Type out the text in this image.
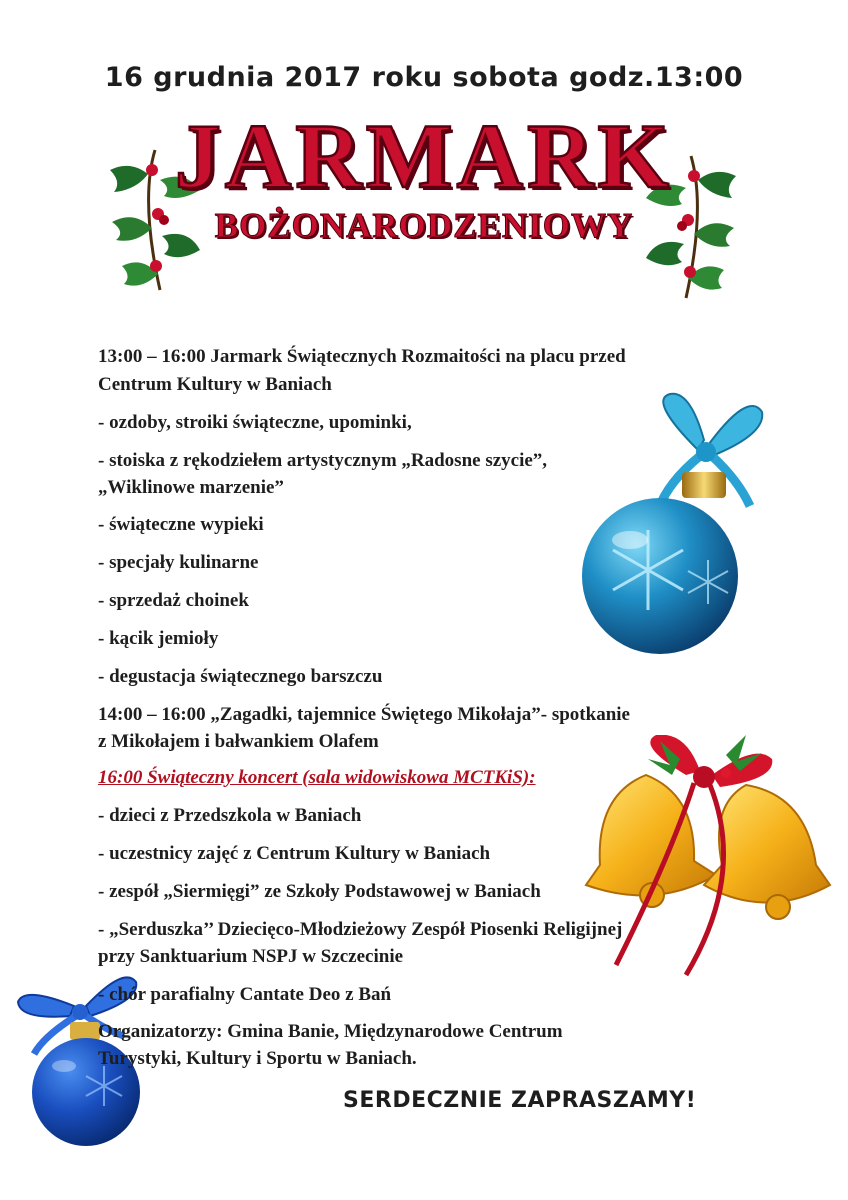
16 grudnia 2017 roku sobota godz.13:00
JARMARK
BOŻONARODZENIOWY
13:00 – 16:00 Jarmark Świątecznych Rozmaitości na placu przed
Centrum Kultury w Baniach
- ozdoby, stroiki świąteczne, upominki,
- stoiska z rękodziełem artystycznym „Radosne szycie”,
„Wiklinowe marzenie”
- świąteczne wypieki
- specjały kulinarne
- sprzedaż choinek
- kącik jemioły
- degustacja świątecznego barszczu
14:00 – 16:00 „Zagadki, tajemnice Świętego Mikołaja”- spotkanie
z Mikołajem i bałwankiem Olafem
16:00 Świąteczny koncert (sala widowiskowa MCTKiS):
- dzieci z Przedszkola w Baniach
- uczestnicy zajęć z Centrum Kultury w Baniach
- zespół „Siermięgi” ze Szkoły Podstawowej w Baniach
- „Serduszka’’ Dziecięco-Młodzieżowy Zespół Piosenki Religijnej
przy Sanktuarium NSPJ w Szczecinie
- chór parafialny Cantate Deo z Bań
Organizatorzy: Gmina Banie, Międzynarodowe Centrum
Turystyki, Kultury i Sportu w Baniach.
SERDECZNIE ZAPRASZAMY!
